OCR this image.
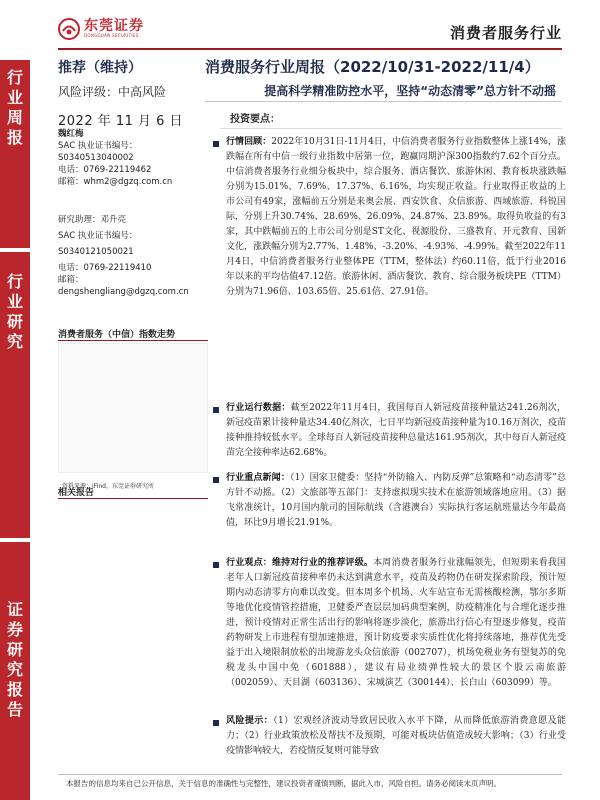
东莞证券
DONGGUAN SECURITIES	消费者服务行业
行
业
周
报
行
业
研
究
证
券
研
究
报
告
推荐（维持）
风险评级：中高风险
2022 年 11 月 6 日
魏红梅
SAC 执业证书编号：
S0340513040002
电话：0769-22119462
邮箱：whm2@dgzq.com.cn
研究助理：邓升亮
SAC 执业证书编号：
S0340121050021
电话：0769-22119410
邮箱：
dengshengliang@dgzq.com.cn
消费者服务（中信）指数走势
资料来源：iFind，东莞证券研究所
相关报告
消费服务行业周报（2022/10/31-2022/11/4）
提高科学精准防控水平，坚持“动态清零”总方针不动摇
投资要点：
行情回顾：2022年10月31日-11月4日，中信消费者服务行业指数整体上涨14%，涨跌幅在所有中信一级行业指数中居第一位，跑赢同期沪深300指数约7.62个百分点。中信消费者服务行业细分板块中，综合服务、酒店餐饮、旅游休闲、教育板块涨跌幅分别为15.01%、7.69%、17.37%、6.16%，均实现正收益。行业取得正收益的上市公司有49家，涨幅前五分别是来奥会展、西安饮食、众信旅游、西域旅游、科锐国际，分别上升30.74%、28.69%、26.09%、24.87%、23.89%。取得负收益的有3家，其中跌幅前五的上市公司分别是ST文化、视源股份、三盛教育、开元教育、国新文化，涨跌幅分别为2.77%、1.48%、-3.20%、-4.93%、-4.99%。截至2022年11月4日，中信消费者服务行业整体PE（TTM，整体法）约60.11倍，低于行业2016年以来的平均估值47.12倍。旅游休闲、酒店餐饮、教育、综合服务板块PE（TTM）分别为71.96倍、103.65倍、25.61倍、27.91倍。
行业运行数据：截至2022年11月4日，我国每百人新冠疫苗接种量达241.26剂次，新冠疫苗累计接种量达34.40亿剂次，七日平均新冠疫苗接种量为10.16万剂次，疫苗接种推持较低水平。全球每百人新冠疫苗接种总量达161.95剂次，其中每百人新冠疫苗完全接种率达62.68%。
行业重点新闻：（1）国家卫健委：坚持“外防输入、内防反弹”总策略和“动态清零”总方针不动摇。（2）文旅部等五部门：支持虚拟现实技术在旅游领域落地应用。（3）据飞常准统计，10月国内航司的国际航线（含港澳台）实际执行客运航班量达今年最高值，环比9月增长21.91%。
行业观点：维持对行业的推荐评级。本周消费者服务行业涨幅领先，但短期来看我国老年人口新冠疫苗接种率仍未达到满意水平，疫苗及药物仍在研发探索阶段，预计短期内动态清零方向难以改变。但本周多个机场、火车站宣布无需核酸检测，鄂尔多斯等地优化疫情管控措施，卫健委严查层层加码典型案例，防疫精准化与合理化逐步推进，预计疫情对正常生活出行的影响将逐步淡化，旅游出行信心有望逐步修复，疫苗药物研发上市进程有望加速推进，预计防疫要求实质性优化将持续落地，推荐优先受益于出入境限制放松的出境游龙头众信旅游（002707），机场免税业务有望复苏的免税龙头中国中免（601888），建议有局业绩弹性较大的景区个股云南旅游（002059）、天目湖（603136）、宋城演艺（300144）、长白山（603099）等。
风险提示：（1）宏观经济波动导致居民收入水平下降，从而降低旅游消费意愿及能力；（2）行业政策放松及帮扶不及预期，可能对板块估值造成较大影响；（3）行业受疫情影响较大，若疫情反复则可能导致
本报告的信息均来自已公开信息，关于信息的准确性与完整性，建议投资者谨慎判断，据此入市，风险自担。请务必阅读末页声明。
